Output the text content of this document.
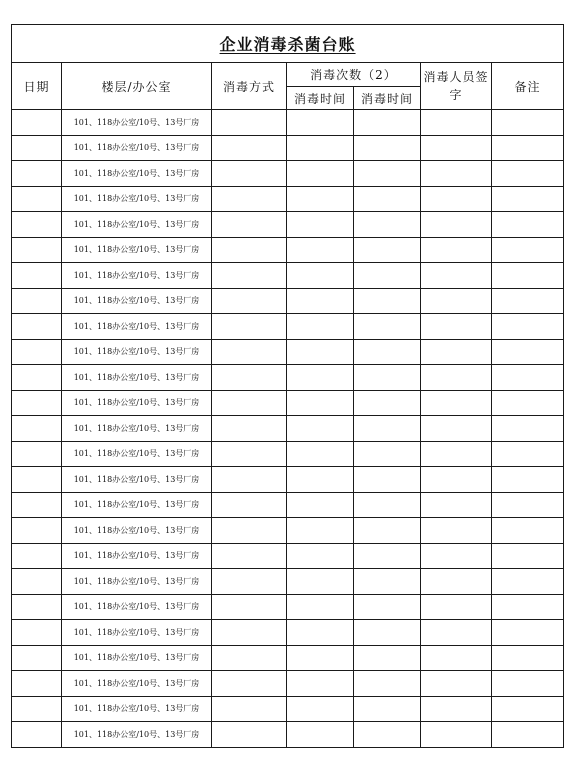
企业消毒杀菌台账						
日期	楼层/办公室	消毒方式	消毒次数（2）		消毒人员签字	备注
			消毒时间	消毒时间		
	101、118办公室/10号、13号厂房					
	101、118办公室/10号、13号厂房					
	101、118办公室/10号、13号厂房					
	101、118办公室/10号、13号厂房					
	101、118办公室/10号、13号厂房					
	101、118办公室/10号、13号厂房					
	101、118办公室/10号、13号厂房					
	101、118办公室/10号、13号厂房					
	101、118办公室/10号、13号厂房					
	101、118办公室/10号、13号厂房					
	101、118办公室/10号、13号厂房					
	101、118办公室/10号、13号厂房					
	101、118办公室/10号、13号厂房					
	101、118办公室/10号、13号厂房					
	101、118办公室/10号、13号厂房					
	101、118办公室/10号、13号厂房					
	101、118办公室/10号、13号厂房					
	101、118办公室/10号、13号厂房					
	101、118办公室/10号、13号厂房					
	101、118办公室/10号、13号厂房					
	101、118办公室/10号、13号厂房					
	101、118办公室/10号、13号厂房					
	101、118办公室/10号、13号厂房					
	101、118办公室/10号、13号厂房					
	101、118办公室/10号、13号厂房					
